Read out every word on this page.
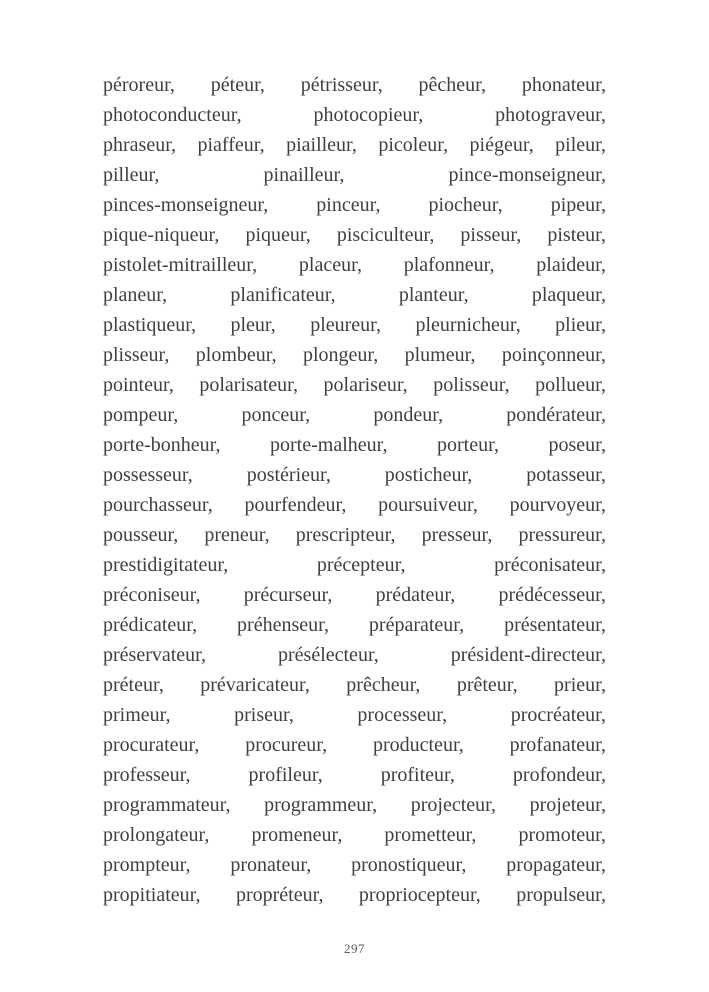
péroreur, péteur, pétrisseur, pêcheur, phonateur,
photoconducteur, photocopieur, photograveur,
phraseur, piaffeur, piailleur, picoleur, piégeur, pileur,
pilleur, pinailleur, pince-monseigneur,
pinces-monseigneur, pinceur, piocheur, pipeur,
pique-niqueur, piqueur, pisciculteur, pisseur, pisteur,
pistolet-mitrailleur, placeur, plafonneur, plaideur,
planeur, planificateur, planteur, plaqueur,
plastiqueur, pleur, pleureur, pleurnicheur, plieur,
plisseur, plombeur, plongeur, plumeur, poinçonneur,
pointeur, polarisateur, polariseur, polisseur, pollueur,
pompeur, ponceur, pondeur, pondérateur,
porte-bonheur, porte-malheur, porteur, poseur,
possesseur, postérieur, posticheur, potasseur,
pourchasseur, pourfendeur, poursuiveur, pourvoyeur,
pousseur, preneur, prescripteur, presseur, pressureur,
prestidigitateur, précepteur, préconisateur,
préconiseur, précurseur, prédateur, prédécesseur,
prédicateur, préhenseur, préparateur, présentateur,
préservateur, présélecteur, président-directeur,
préteur, prévaricateur, prêcheur, prêteur, prieur,
primeur, priseur, processeur, procréateur,
procurateur, procureur, producteur, profanateur,
professeur, profileur, profiteur, profondeur,
programmateur, programmeur, projecteur, projeteur,
prolongateur, promeneur, prometteur, promoteur,
prompteur, pronateur, pronostiqueur, propagateur,
propitiateur, propréteur, propriocepteur, propulseur,
297
